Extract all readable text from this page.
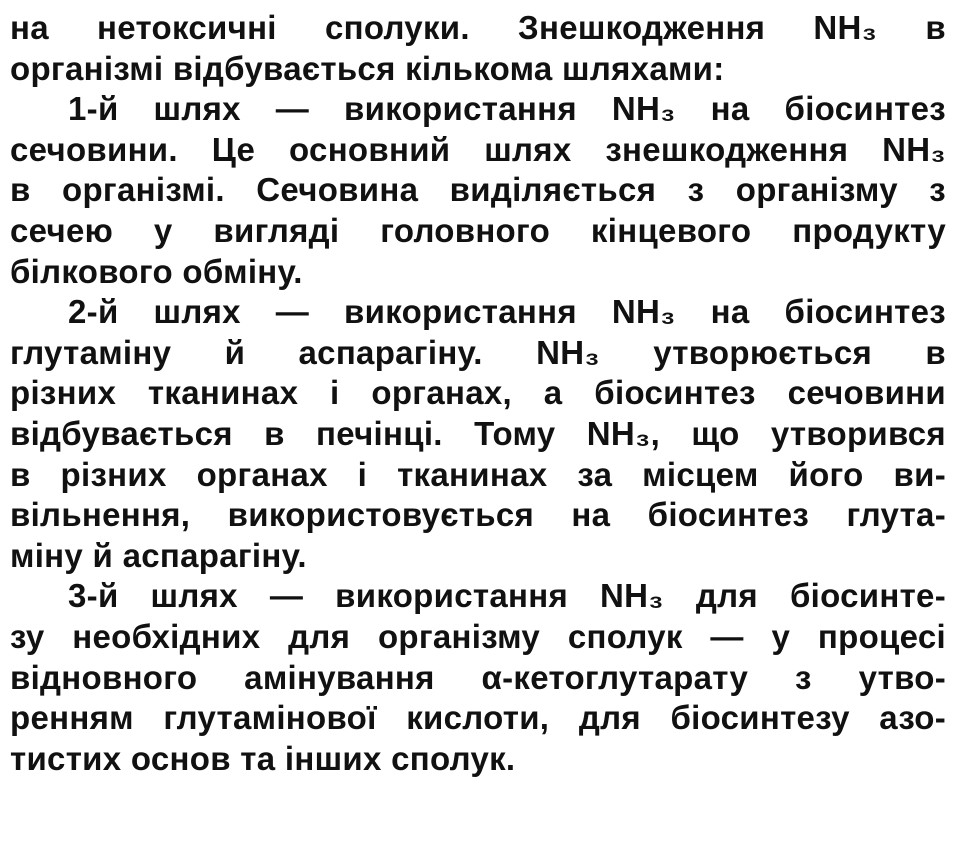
на нетоксичні сполуки. Знешкодження NH₃ в
організмі відбувається кількома шляхами:
1-й шлях — використання NH₃ на біосинтез
сечовини. Це основний шлях знешкодження NH₃
в організмі. Сечовина виділяється з організму з
сечею у вигляді головного кінцевого продукту
білкового обміну.
2-й шлях — використання NH₃ на біосинтез
глутаміну й аспарагіну. NH₃ утворюється в
різних тканинах і органах, а біосинтез сечовини
відбувається в печінці. Тому NH₃, що утворився
в різних органах і тканинах за місцем його ви-
вільнення, використовується на біосинтез глута-
міну й аспарагіну.
3-й шлях — використання NH₃ для біосинте-
зу необхідних для організму сполук — у процесі
відновного амінування α-кетоглутарату з утво-
ренням глутамінової кислоти, для біосинтезу азо-
тистих основ та інших сполук.
